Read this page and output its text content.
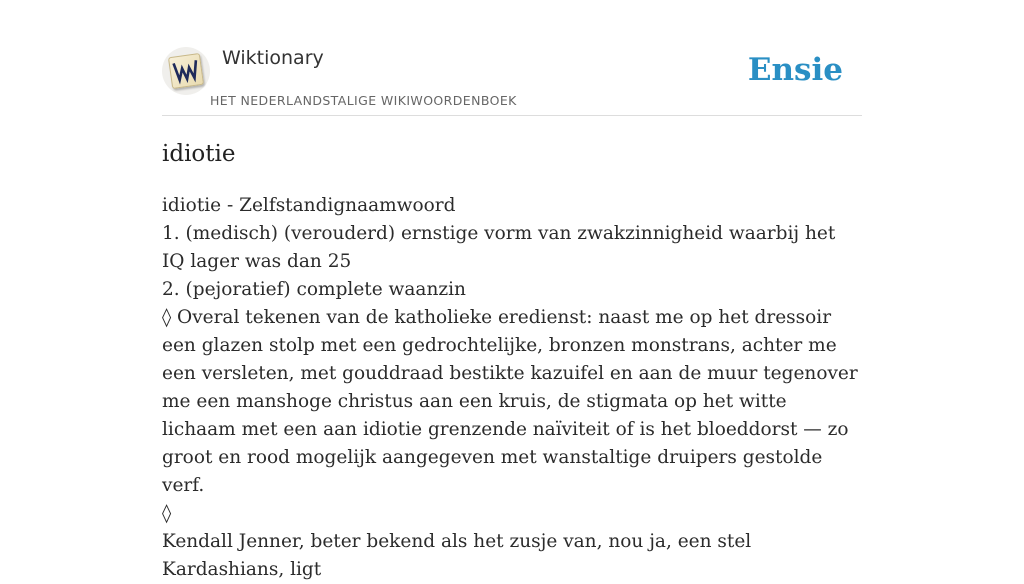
Wiktionary
HET NEDERLANDSTALIGE WIKIWOORDENBOEK
Ensie
idiotie

idiotie - Zelfstandignaamwoord

1. (medisch) (verouderd) ernstige vorm van zwakzinnigheid waarbij het IQ lager was dan 25

2. (pejoratief) complete waanzin

◊ Overal tekenen van de katholieke eredienst: naast me op het dressoir een glazen stolp met een gedrochtelijke, bronzen monstrans, achter me een versleten, met gouddraad bestikte kazuifel en aan de muur tegenover me een manshoge christus aan een kruis, de stigmata op het witte lichaam met een aan idiotie grenzende naïviteit of is het bloeddorst — zo groot en rood mogelijk aangegeven met wanstaltige druipers gestolde verf.

◊

Kendall Jenner, beter bekend als het zusje van, nou ja, een stel Kardashians, ligt
